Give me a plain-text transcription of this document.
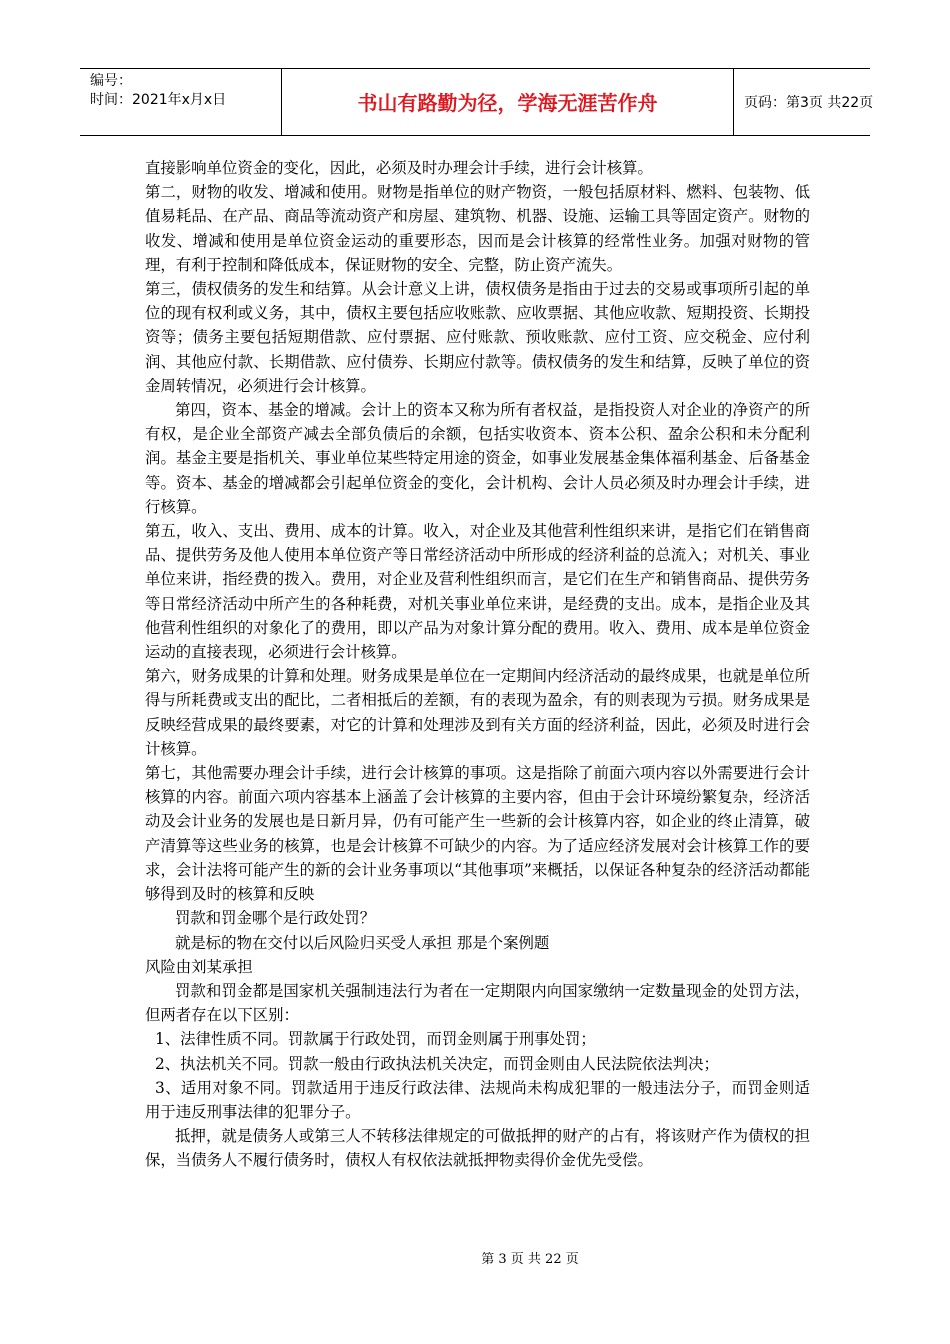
编号：
时间：2021年x月x日	书山有路勤为径，学海无涯苦作舟	页码：第3页 共22页

直接影响单位资金的变化，因此，必须及时办理会计手续，进行会计核算。

第二，财物的收发、增减和使用。财物是指单位的财产物资，一般包括原材料、燃料、包装物、低值易耗品、在产品、商品等流动资产和房屋、建筑物、机器、设施、运输工具等固定资产。财物的收发、增减和使用是单位资金运动的重要形态，因而是会计核算的经常性业务。加强对财物的管理，有利于控制和降低成本，保证财物的安全、完整，防止资产流失。

第三，债权债务的发生和结算。从会计意义上讲，债权债务是指由于过去的交易或事项所引起的单位的现有权利或义务，其中，债权主要包括应收账款、应收票据、其他应收款、短期投资、长期投资等；债务主要包括短期借款、应付票据、应付账款、预收账款、应付工资、应交税金、应付利润、其他应付款、长期借款、应付债券、长期应付款等。债权债务的发生和结算，反映了单位的资金周转情况，必须进行会计核算。

第四，资本、基金的增减。会计上的资本又称为所有者权益，是指投资人对企业的净资产的所有权，是企业全部资产减去全部负债后的余额，包括实收资本、资本公积、盈余公积和未分配利润。基金主要是指机关、事业单位某些特定用途的资金，如事业发展基金集体福利基金、后备基金等。资本、基金的增减都会引起单位资金的变化，会计机构、会计人员必须及时办理会计手续，进行核算。

第五，收入、支出、费用、成本的计算。收入，对企业及其他营利性组织来讲，是指它们在销售商品、提供劳务及他人使用本单位资产等日常经济活动中所形成的经济利益的总流入；对机关、事业单位来讲，指经费的拨入。费用，对企业及营利性组织而言，是它们在生产和销售商品、提供劳务等日常经济活动中所产生的各种耗费，对机关事业单位来讲，是经费的支出。成本，是指企业及其他营利性组织的对象化了的费用，即以产品为对象计算分配的费用。收入、费用、成本是单位资金运动的直接表现，必须进行会计核算。

第六，财务成果的计算和处理。财务成果是单位在一定期间内经济活动的最终成果，也就是单位所得与所耗费或支出的配比，二者相抵后的差额，有的表现为盈余，有的则表现为亏损。财务成果是反映经营成果的最终要素，对它的计算和处理涉及到有关方面的经济利益，因此，必须及时进行会计核算。

第七，其他需要办理会计手续，进行会计核算的事项。这是指除了前面六项内容以外需要进行会计核算的内容。前面六项内容基本上涵盖了会计核算的主要内容，但由于会计环境纷繁复杂，经济活动及会计业务的发展也是日新月异，仍有可能产生一些新的会计核算内容，如企业的终止清算，破产清算等这些业务的核算，也是会计核算不可缺少的内容。为了适应经济发展对会计核算工作的要求，会计法将可能产生的新的会计业务事项以“其他事项”来概括，以保证各种复杂的经济活动都能够得到及时的核算和反映

罚款和罚金哪个是行政处罚？

就是标的物在交付以后风险归买受人承担 那是个案例题

风险由刘某承担

罚款和罚金都是国家机关强制违法行为者在一定期限内向国家缴纳一定数量现金的处罚方法，但两者存在以下区别：

1、法律性质不同。罚款属于行政处罚，而罚金则属于刑事处罚；

2、执法机关不同。罚款一般由行政执法机关决定，而罚金则由人民法院依法判决；

3、适用对象不同。罚款适用于违反行政法律、法规尚未构成犯罪的一般违法分子，而罚金则适用于违反刑事法律的犯罪分子。

抵押，就是债务人或第三人不转移法律规定的可做抵押的财产的占有，将该财产作为债权的担保，当债务人不履行债务时，债权人有权依法就抵押物卖得价金优先受偿。

第 3 页 共 22 页
